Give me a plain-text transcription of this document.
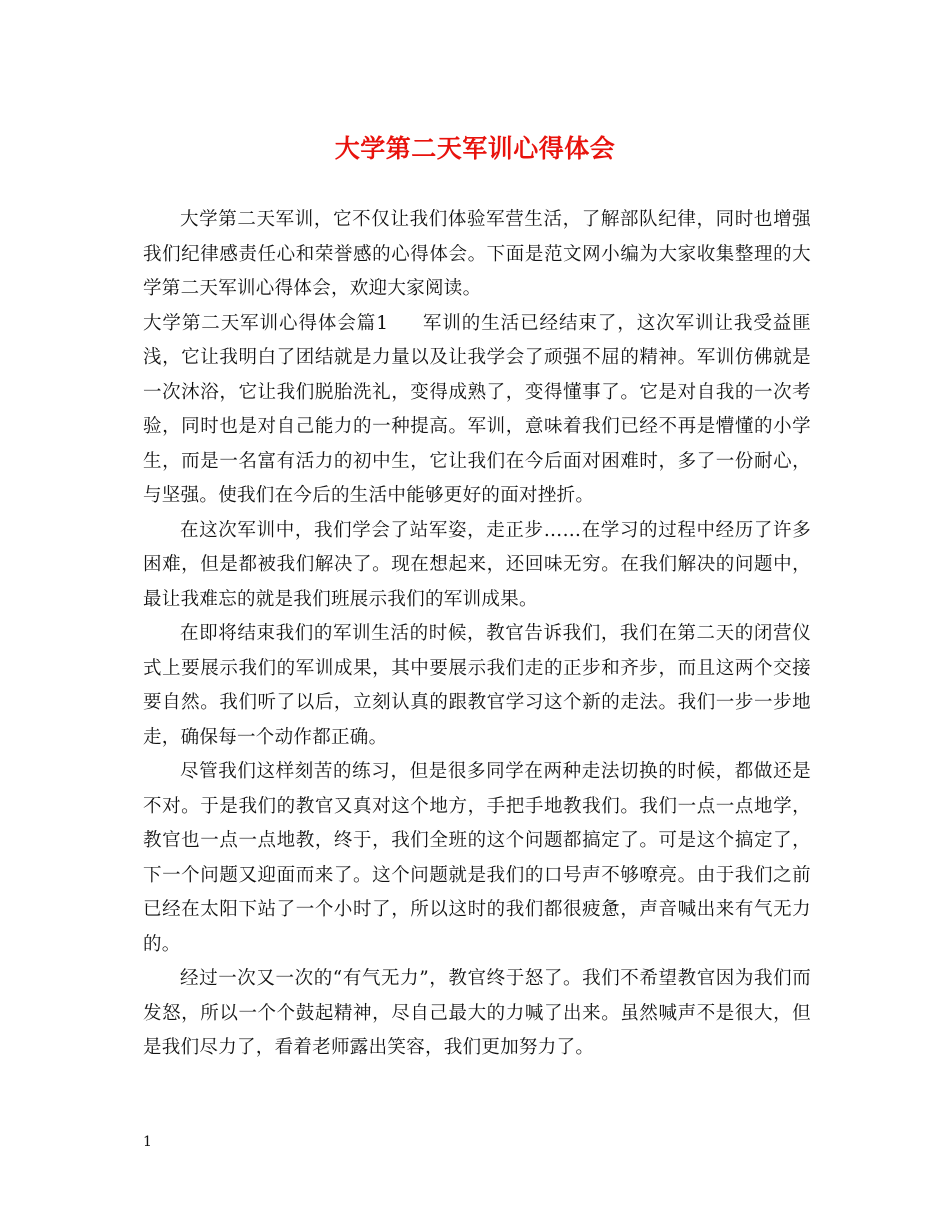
大学第二天军训心得体会

大学第二天军训，它不仅让我们体验军营生活，了解部队纪律，同时也增强我们纪律感责任心和荣誉感的心得体会。下面是范文网小编为大家收集整理的大学第二天军训心得体会，欢迎大家阅读。

大学第二天军训心得体会篇1 军训的生活已经结束了，这次军训让我受益匪浅，它让我明白了团结就是力量以及让我学会了顽强不屈的精神。军训仿佛就是一次沐浴，它让我们脱胎洗礼，变得成熟了，变得懂事了。它是对自我的一次考验，同时也是对自己能力的一种提高。军训，意味着我们已经不再是懵懂的小学生，而是一名富有活力的初中生，它让我们在今后面对困难时，多了一份耐心，与坚强。使我们在今后的生活中能够更好的面对挫折。

在这次军训中，我们学会了站军姿，走正步……在学习的过程中经历了许多困难，但是都被我们解决了。现在想起来，还回味无穷。在我们解决的问题中，最让我难忘的就是我们班展示我们的军训成果。

在即将结束我们的军训生活的时候，教官告诉我们，我们在第二天的闭营仪式上要展示我们的军训成果，其中要展示我们走的正步和齐步，而且这两个交接要自然。我们听了以后，立刻认真的跟教官学习这个新的走法。我们一步一步地走，确保每一个动作都正确。

尽管我们这样刻苦的练习，但是很多同学在两种走法切换的时候，都做还是不对。于是我们的教官又真对这个地方，手把手地教我们。我们一点一点地学，教官也一点一点地教，终于，我们全班的这个问题都搞定了。可是这个搞定了，下一个问题又迎面而来了。这个问题就是我们的口号声不够嘹亮。由于我们之前已经在太阳下站了一个小时了，所以这时的我们都很疲惫，声音喊出来有气无力的。

经过一次又一次的“有气无力”，教官终于怒了。我们不希望教官因为我们而发怒，所以一个个鼓起精神，尽自己最大的力喊了出来。虽然喊声不是很大，但是我们尽力了，看着老师露出笑容，我们更加努力了。

1
